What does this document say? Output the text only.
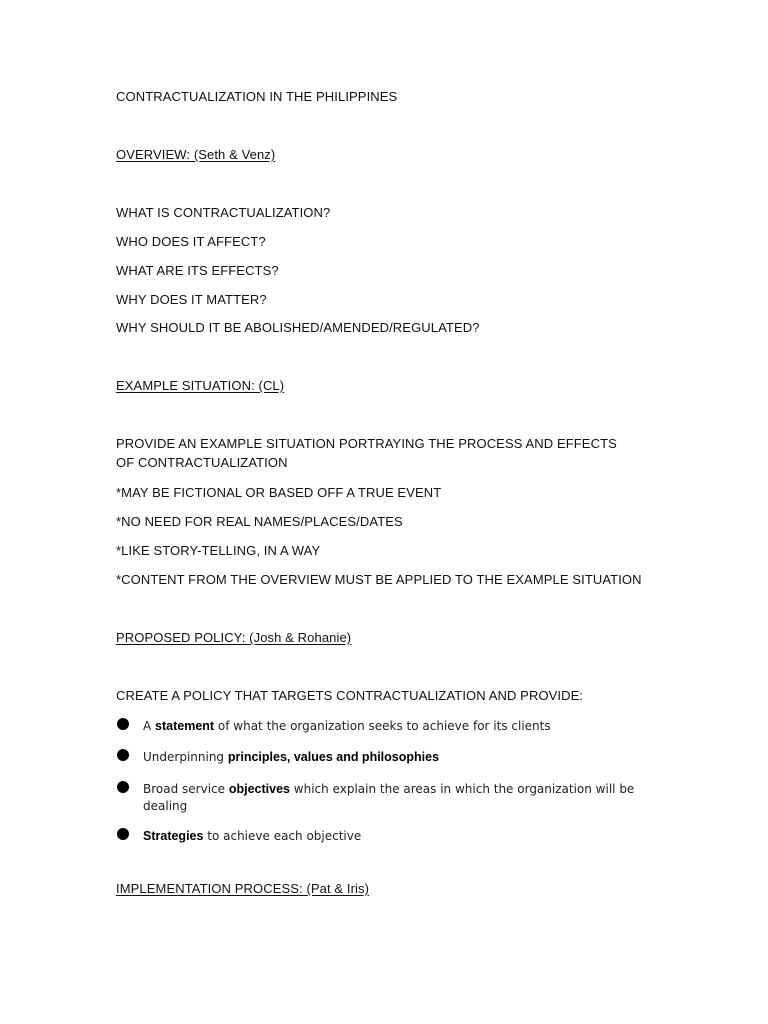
CONTRACTUALIZATION IN THE PHILIPPINES
OVERVIEW: (Seth & Venz)
WHAT IS CONTRACTUALIZATION?
WHO DOES IT AFFECT?
WHAT ARE ITS EFFECTS?
WHY DOES IT MATTER?
WHY SHOULD IT BE ABOLISHED/AMENDED/REGULATED?
EXAMPLE SITUATION: (CL)
PROVIDE AN EXAMPLE SITUATION PORTRAYING THE PROCESS AND EFFECTS OF CONTRACTUALIZATION
*MAY BE FICTIONAL OR BASED OFF A TRUE EVENT
*NO NEED FOR REAL NAMES/PLACES/DATES
*LIKE STORY-TELLING, IN A WAY
*CONTENT FROM THE OVERVIEW MUST BE APPLIED TO THE EXAMPLE SITUATION
PROPOSED POLICY: (Josh & Rohanie)
CREATE A POLICY THAT TARGETS CONTRACTUALIZATION AND PROVIDE:
A statement of what the organization seeks to achieve for its clients
Underpinning principles, values and philosophies
Broad service objectives which explain the areas in which the organization will be dealing
Strategies to achieve each objective
IMPLEMENTATION PROCESS: (Pat & Iris)
